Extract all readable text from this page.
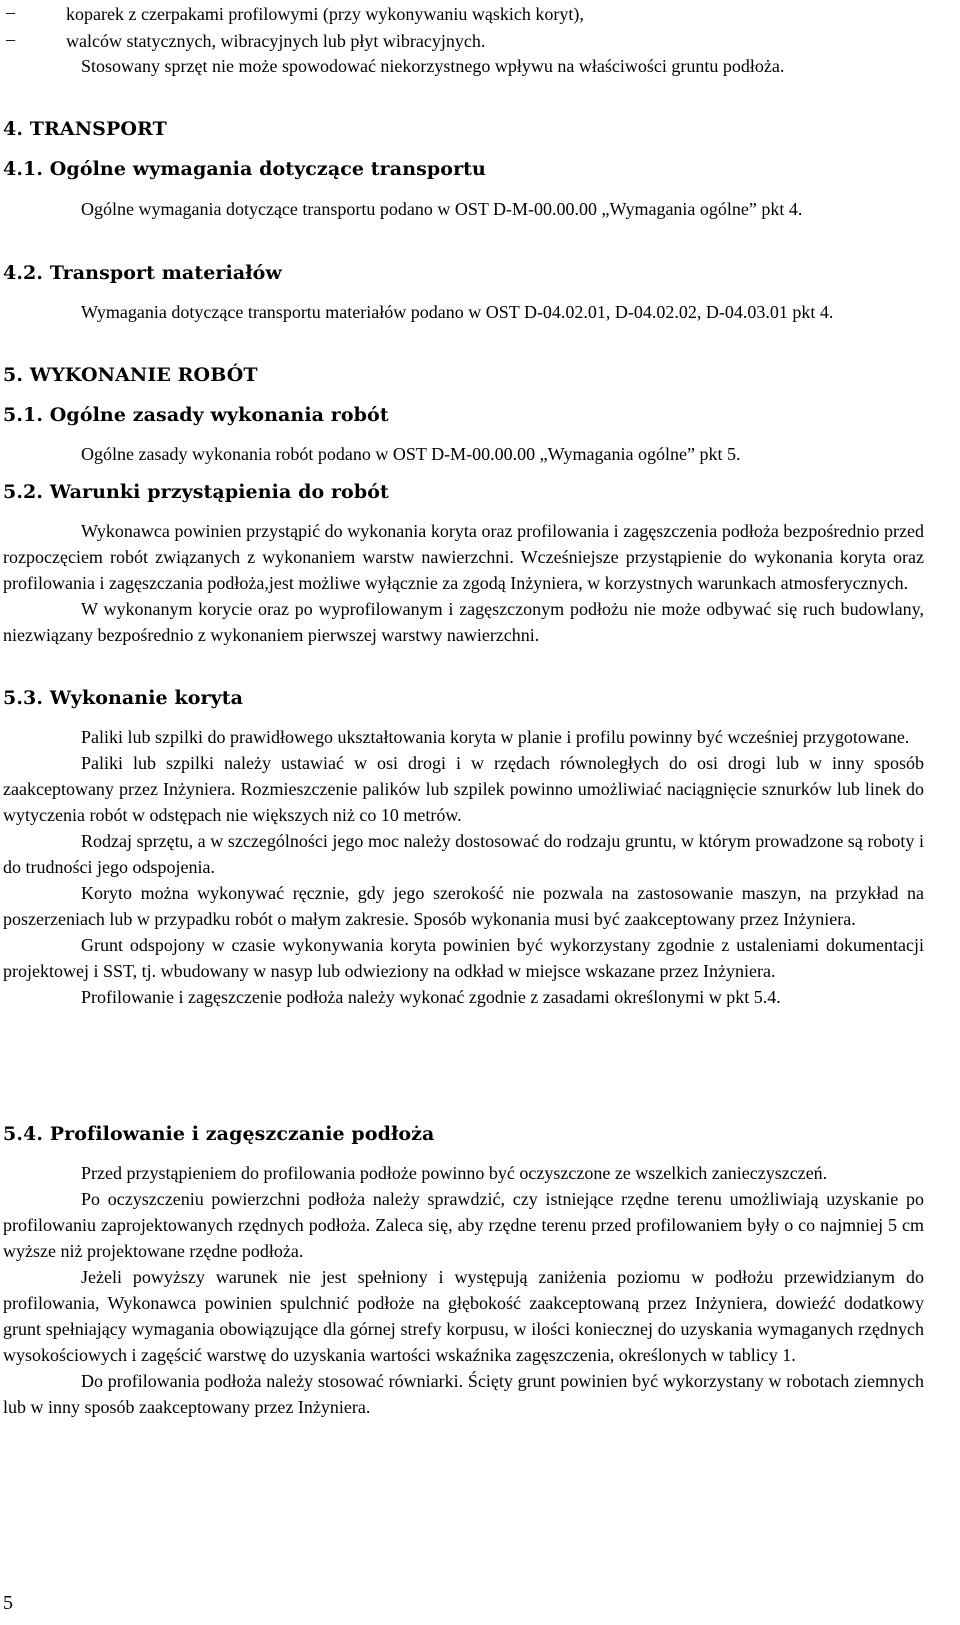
–	koparek z czerpakami profilowymi (przy wykonywaniu wąskich koryt),
–	walców statycznych, wibracyjnych lub płyt wibracyjnych.

Stosowany sprzęt nie może spowodować niekorzystnego wpływu na właściwości gruntu podłoża.

4. TRANSPORT
4.1. Ogólne wymagania dotyczące transportu

Ogólne wymagania dotyczące transportu podano w OST D-M-00.00.00 „Wymagania ogólne” pkt 4.

4.2. Transport materiałów

Wymagania dotyczące transportu materiałów podano w OST D-04.02.01, D-04.02.02, D-04.03.01 pkt 4.

5. WYKONANIE ROBÓT
5.1. Ogólne zasady wykonania robót

Ogólne zasady wykonania robót podano w OST D-M-00.00.00 „Wymagania ogólne” pkt 5.

5.2. Warunki przystąpienia do robót

Wykonawca powinien przystąpić do wykonania koryta oraz profilowania i zagęszczenia podłoża bezpośrednio przed rozpoczęciem robót związanych z wykonaniem warstw nawierzchni. Wcześniejsze przystąpienie do wykonania koryta oraz profilowania i zagęszczania podłoża,jest możliwe wyłącznie za zgodą Inżyniera, w korzystnych warunkach atmosferycznych.

W wykonanym korycie oraz po wyprofilowanym i zagęszczonym podłożu nie może odbywać się ruch budowlany, niezwiązany bezpośrednio z wykonaniem pierwszej warstwy nawierzchni.

5.3. Wykonanie koryta

Paliki lub szpilki do prawidłowego ukształtowania koryta w planie i profilu powinny być wcześniej przygotowane.

Paliki lub szpilki należy ustawiać w osi drogi i w rzędach równoległych do osi drogi lub w inny sposób zaakceptowany przez Inżyniera. Rozmieszczenie palików lub szpilek powinno umożliwiać naciągnięcie sznurków lub linek do wytyczenia robót w odstępach nie większych niż co 10 metrów.

Rodzaj sprzętu, a w szczególności jego moc należy dostosować do rodzaju gruntu, w którym prowadzone są roboty i do trudności jego odspojenia.

Koryto można wykonywać ręcznie, gdy jego szerokość nie pozwala na zastosowanie maszyn, na przykład na poszerzeniach lub w przypadku robót o małym zakresie. Sposób wykonania musi być zaakceptowany przez Inżyniera.

Grunt odspojony w czasie wykonywania koryta powinien być wykorzystany zgodnie z ustaleniami dokumentacji projektowej i SST, tj. wbudowany w nasyp lub odwieziony na odkład w miejsce wskazane przez Inżyniera.

Profilowanie i zagęszczenie podłoża należy wykonać zgodnie z zasadami określonymi w pkt 5.4.

5.4. Profilowanie i zagęszczanie podłoża

Przed przystąpieniem do profilowania podłoże powinno być oczyszczone ze wszelkich zanieczyszczeń.

Po oczyszczeniu powierzchni podłoża należy sprawdzić, czy istniejące rzędne terenu umożliwiają uzyskanie po profilowaniu zaprojektowanych rzędnych podłoża. Zaleca się, aby rzędne terenu przed profilowaniem były o co najmniej 5 cm wyższe niż projektowane rzędne podłoża.

Jeżeli powyższy warunek nie jest spełniony i występują zaniżenia poziomu w podłożu przewidzianym do profilowania, Wykonawca powinien spulchnić podłoże na głębokość zaakceptowaną przez Inżyniera, dowieźć dodatkowy grunt spełniający wymagania obowiązujące dla górnej strefy korpusu, w ilości koniecznej do uzyskania wymaganych rzędnych wysokościowych i zagęścić warstwę do uzyskania wartości wskaźnika zagęszczenia, określonych w tablicy 1.

Do profilowania podłoża należy stosować równiarki. Ścięty grunt powinien być wykorzystany w robotach ziemnych lub w inny sposób zaakceptowany przez Inżyniera.

5
